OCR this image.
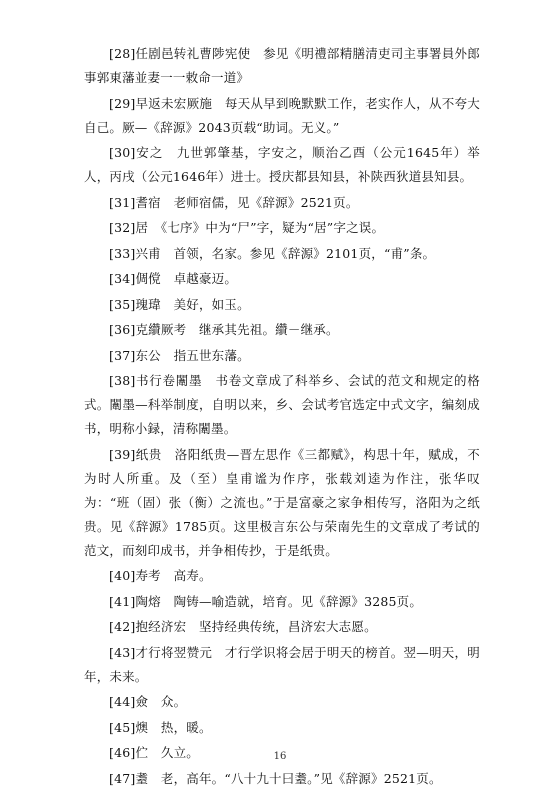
[28]任剧邑转礼曹陟宪使　参见《明禮部精膳清吏司主事署員外郎事郭東藩並妻一一敕命一道》

[29]早返未宏厥施　每天从早到晚默默工作，老实作人，从不夸大自己。厥—《辞源》2043页载“助词。无义。”

[30]安之　九世郭肇基，字安之，顺治乙酉（公元1645年）举人，丙戌（公元1646年）进士。授庆都县知县，补陕西狄道县知县。

[31]耆宿　老师宿儒，见《辞源》2521页。

[32]居　《七序》中为“尸”字，疑为“居”字之误。

[33]兴甫　首领，名家。参见《辞源》2101页，“甫”条。

[34]倜傥　卓越豪迈。

[35]瑰瑋　美好，如玉。

[36]克纘厥考　继承其先祖。纘－继承。

[37]东公　指五世东藩。

[38]书行卷闈墨　书卷文章成了科举乡、会试的范文和规定的格式。闈墨—科举制度，自明以来，乡、会试考官选定中式文字，编刻成书，明称小録，清称闈墨。

[39]纸贵　洛阳纸贵—晋左思作《三都赋》，构思十年，赋成，不为时人所重。及（至）皇甫谧为作序，张载刘逵为作注，张华叹为：“班（固）张（衡）之流也。”于是富豪之家争相传写，洛阳为之纸贵。见《辞源》1785页。这里极言东公与荣南先生的文章成了考试的范文，而刻印成书，并争相传抄，于是纸贵。

[40]寿考　高寿。

[41]陶熔　陶铸—喻造就，培育。见《辞源》3285页。

[42]抱经济宏　坚持经典传统，昌济宏大志愿。

[43]才行将翌赞元　才行学识将会居于明天的榜首。翌—明天，明年，未来。

[44]僉　众。

[45]燠　热，暖。

[46]伫　久立。

[47]耋　老，高年。“八十九十曰耋。”见《辞源》2521页。

16
